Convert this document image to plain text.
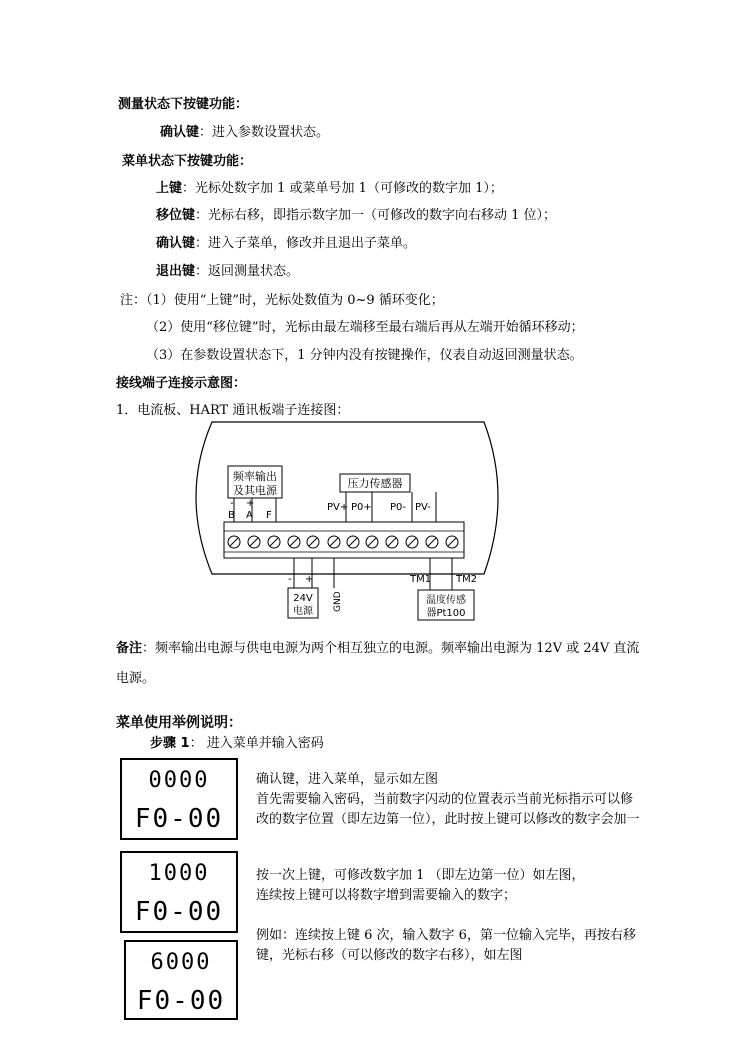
测量状态下按键功能：
确认键：进入参数设置状态。
菜单状态下按键功能：
上键：光标处数字加 1 或菜单号加 1（可修改的数字加 1）；
移位键：光标右移，即指示数字加一（可修改的数字向右移动 1 位）；
确认键：进入子菜单，修改并且退出子菜单。
退出键：返回测量状态。
注：（1）使用“上键”时，光标处数值为 0~9 循环变化；
（2）使用“移位键”时，光标由最左端移至最右端后再从左端开始循环移动；
（3）在参数设置状态下，1 分钟内没有按键操作，仪表自动返回测量状态。
接线端子连接示意图：
1．电流板、HART 通讯板端子连接图：
频率输出
及其电源
-
B
+
A F
压力传感器
PV+ P0+ P0- PV-
- +
24V
电源 GND
TM1 TM2
温度传感
器Pt100
备注：频率输出电源与供电电源为两个相互独立的电源。频率输出电源为 12V 或 24V 直流
电源。
菜单使用举例说明：
步骤 1： 进入菜单并输入密码
0000
F0-00
1000
F0-00
6000
F0-00
确认键，进入菜单，显示如左图
首先需要输入密码，当前数字闪动的位置表示当前光标指示可以修
改的数字位置（即左边第一位），此时按上键可以修改的数字会加一
按一次上键，可修改数字加 1 （即左边第一位）如左图，
连续按上键可以将数字增到需要输入的数字；
例如：连续按上键 6 次，输入数字 6，第一位输入完毕，再按右移
键，光标右移（可以修改的数字右移），如左图
